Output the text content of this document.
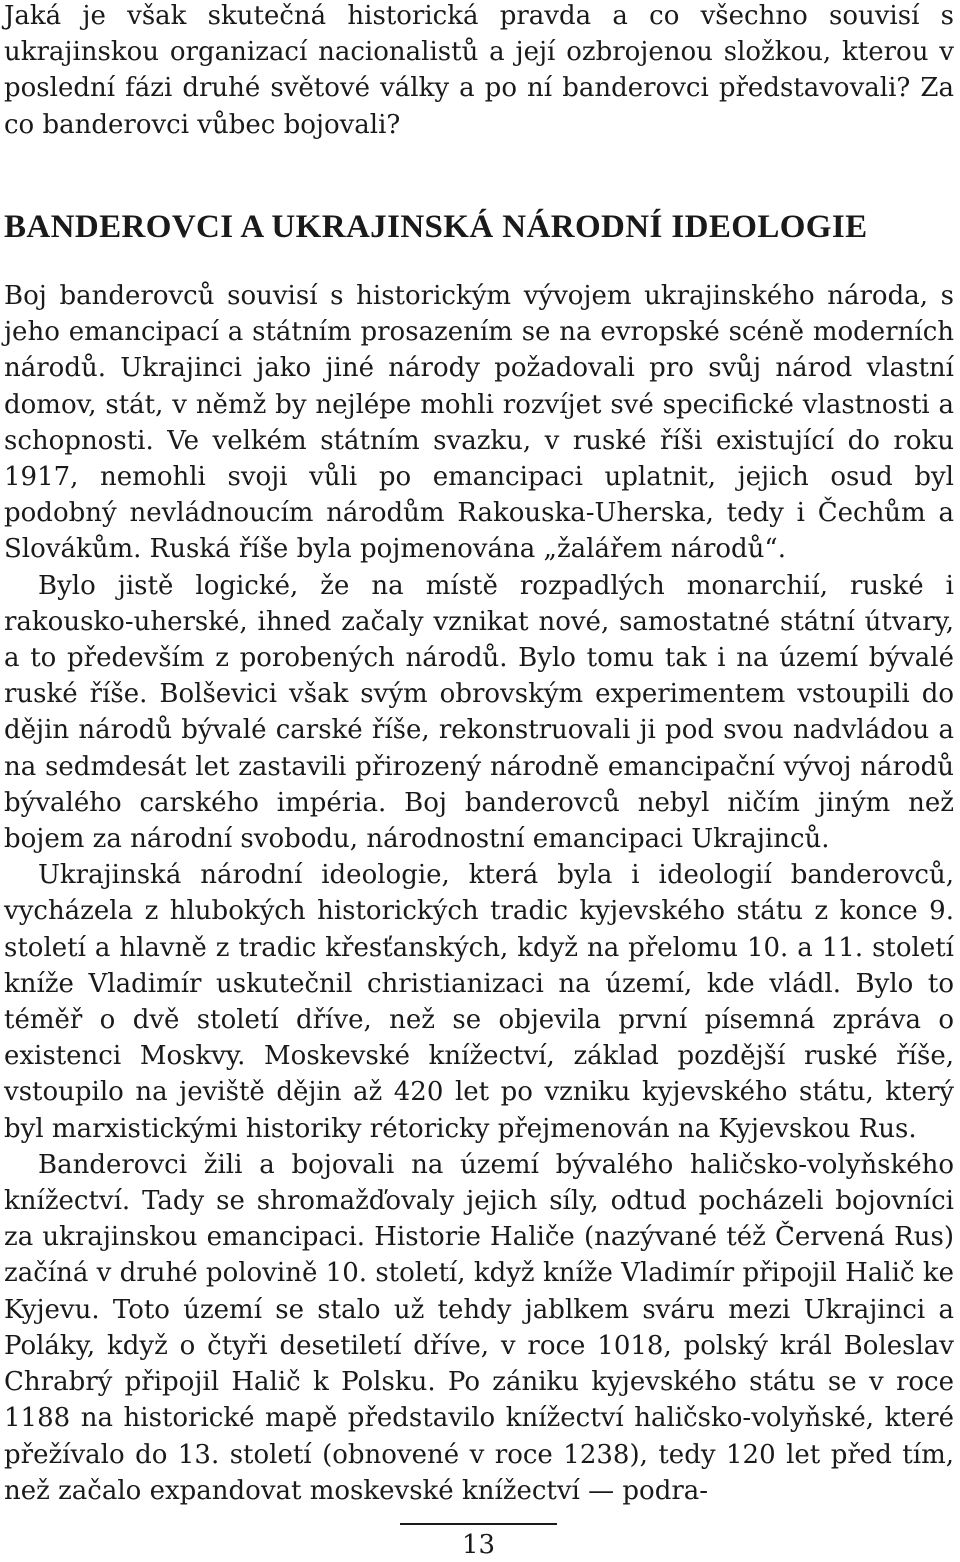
Jaká je však skutečná historická pravda a co všechno souvisí s ukrajinskou organizací nacionalistů a její ozbrojenou složkou, kterou v poslední fázi druhé světové války a po ní banderovci představovali? Za co banderovci vůbec bojovali?

BANDEROVCI A UKRAJINSKÁ NÁRODNÍ IDEOLOGIE

Boj banderovců souvisí s historickým vývojem ukrajinského národa, s jeho emancipací a státním prosazením se na evropské scéně moderních národů. Ukrajinci jako jiné národy požadovali pro svůj národ vlastní domov, stát, v němž by nejlépe mohli rozvíjet své specifické vlastnosti a schopnosti. Ve velkém státním svazku, v ruské říši existující do roku 1917, nemohli svoji vůli po emancipaci uplatnit, jejich osud byl podobný nevládnoucím národům Rakouska-Uherska, tedy i Čechům a Slovákům. Ruská říše byla pojmenována „žalářem národů“.

Bylo jistě logické, že na místě rozpadlých monarchií, ruské i rakousko-uherské, ihned začaly vznikat nové, samostatné státní útvary, a to především z porobených národů. Bylo tomu tak i na území bývalé ruské říše. Bolševici však svým obrovským experimentem vstoupili do dějin národů bývalé carské říše, rekonstruovali ji pod svou nadvládou a na sedmdesát let zastavili přirozený národně emancipační vývoj národů bývalého carského impéria. Boj banderovců nebyl ničím jiným než bojem za národní svobodu, národnostní emancipaci Ukrajinců.

Ukrajinská národní ideologie, která byla i ideologií banderovců, vycházela z hlubokých historických tradic kyjevského státu z konce 9. století a hlavně z tradic křesťanských, když na přelomu 10. a 11. století kníže Vladimír uskutečnil christianizaci na území, kde vládl. Bylo to téměř o dvě století dříve, než se objevila první písemná zpráva o existenci Moskvy. Moskevské knížectví, základ pozdější ruské říše, vstoupilo na jeviště dějin až 420 let po vzniku kyjevského státu, který byl marxistickými historiky rétoricky přejmenován na Kyjevskou Rus.

Banderovci žili a bojovali na území bývalého haličsko-volyňského knížectví. Tady se shromažďovaly jejich síly, odtud pocházeli bojovníci za ukrajinskou emancipaci. Historie Haliče (nazývané též Červená Rus) začíná v druhé polovině 10. století, když kníže Vladimír připojil Halič ke Kyjevu. Toto území se stalo už tehdy jablkem sváru mezi Ukrajinci a Poláky, když o čtyři desetiletí dříve, v roce 1018, polský král Boleslav Chrabrý připojil Halič k Polsku. Po zániku kyjevského státu se v roce 1188 na historické mapě představilo knížectví haličsko-volyňské, které přežívalo do 13. století (obnovené v roce 1238), tedy 120 let před tím, než začalo expandovat moskevské knížectví — podra-

13
